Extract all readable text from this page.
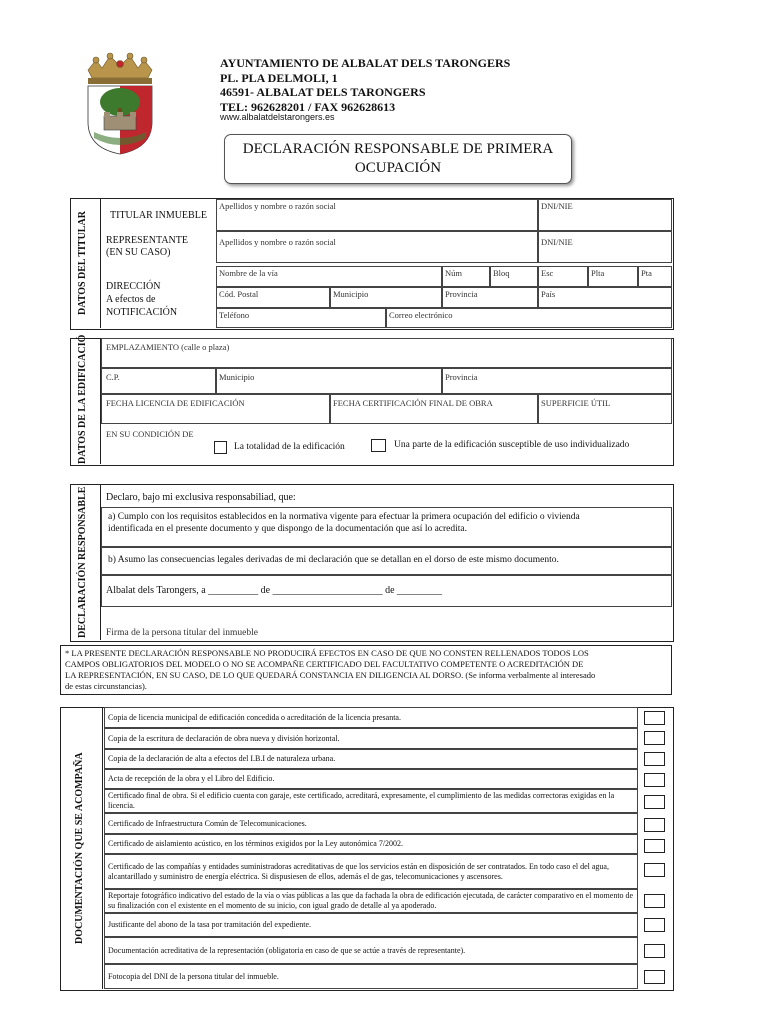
AYUNTAMIENTO DE ALBALAT DELS TARONGERS
PL. PLA DELMOLI, 1
46591- ALBALAT DELS TARONGERS
TEL: 962628201 / FAX 962628613
www.albalatdelstarongers.es
DECLARACIÓN RESPONSABLE DE PRIMERA
OCUPACIÓN
DATOS DEL TITULAR TITULAR INMUEBLE
Apellidos y nombre o razón social	DNI/NIE
REPRESENTANTE
(EN SU CASO)
Apellidos y nombre o razón social	DNI/NIE
DIRECCIÓN
A efectos de
NOTIFICACIÓN
Nombre de la vía	Núm	Bloq	Esc	Plta	Pta
Cód. Postal	Municipio	Provincia	País
Teléfono	Correo electrónico
DATOS DE LA EDIFICACIÓ EMPLAZAMIENTO (calle o plaza)
C.P.	Municipio	Provincia
FECHA LICENCIA DE EDIFICACIÓN	FECHA CERTIFICACIÓN FINAL DE OBRA	SUPERFICIE ÚTIL
EN SU CONDICIÓN DE
La totalidad de la edificación	Una parte de la edificación susceptible de uso individualizado
DECLARACIÓN RESPONSABLE Declaro, bajo mi exclusiva responsabiliad, que:
a) Cumplo con los requisitos establecidos en la normativa vigente para efectuar la primera ocupación del edificio o vivienda
identificada en el presente documento y que dispongo de la documentación que así lo acredita.
b) Asumo las consecuencias legales derivadas de mi declaración que se detallan en el dorso de este mismo documento.
Albalat dels Tarongers, a __________ de ______________________ de _________
Firma de la persona titular del inmueble
* LA PRESENTE DECLARACIÓN RESPONSABLE NO PRODUCIRÁ EFECTOS EN CASO DE QUE NO CONSTEN RELLENADOS TODOS LOS
CAMPOS OBLIGATORIOS DEL MODELO O NO SE ACOMPAÑE CERTIFICADO DEL FACULTATIVO COMPETENTE O ACREDITACIÓN DE
LA REPRESENTACIÓN, EN SU CASO, DE LO QUE QUEDARÁ CONSTANCIA EN DILIGENCIA AL DORSO. (Se informa verbalmente al interesado
de estas circunstancias).
DOCUMENTACIÓN QUE SE ACOMPAÑA
Copia de licencia municipal de edificación concedida o acreditación de la licencia presanta.
Copia de la escritura de declaración de obra nueva y división horizontal.
Copia de la declaración de alta a efectos del I.B.I de naturaleza urbana.
Acta de recepción de la obra y el Libro del Edificio.
Certificado final de obra. Si el edificio cuenta con garaje, este certificado, acreditará, expresamente, el cumplimiento de las medidas correctoras exigidas en la licencia.
Certificado de Infraestructura Común de Telecomunicaciones.
Certificado de aislamiento acústico, en los términos exigidos por la Ley autonómica 7/2002.
Certificado de las compañías y entidades suministradoras acreditativas de que los servicios están en disposición de ser contratados. En todo caso el del agua, alcantarillado y suministro de energía eléctrica. Si dispusiesen de ellos, además el de gas, telecomunicaciones y ascensores.
Reportaje fotográfico indicativo del estado de la vía o vías públicas a las que da fachada la obra de edificación ejecutada, de carácter comparativo en el momento de su finalización con el existente en el momento de su inicio, con igual grado de detalle al ya apoderado.
Justificante del abono de la tasa por tramitación del expediente.
Documentación acreditativa de la representación (obligatoria en caso de que se actúe a través de representante).
Fotocopia del DNI de la persona titular del inmueble.
